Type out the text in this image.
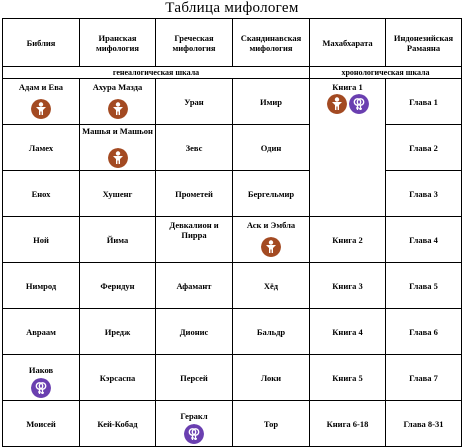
Таблица мифологем
Библия	Иранская мифология	Греческая мифология	Скандинавская мифология	Махабхарата	Индонезийская Рамаяна
генеалогическая шкала				хронологическая шкала	

Адам и Ева	Ахура Мазда	Уран	Имир	Книга 1	Глава 1
Ламех	Машья и Машьон	Зевс	Один		Глава 2
Енох	Хушенг	Прометей	Бергельмир		Глава 3
Ной	Йима	Девкалион и Пирра	Аск и Эмбла	Книга 2	Глава 4
Нимрод	Феридун	Афамант	Хёд	Книга 3	Глава 5
Авраам	Иредж	Дионис	Бальдр	Книга 4	Глава 6

Иаков	Кэрсаспа	Персей	Локи	Книга 5	Глава 7
Моисей	Кей-Кобад	Геракл	Тор	Книга 6-18	Глава 8-31
